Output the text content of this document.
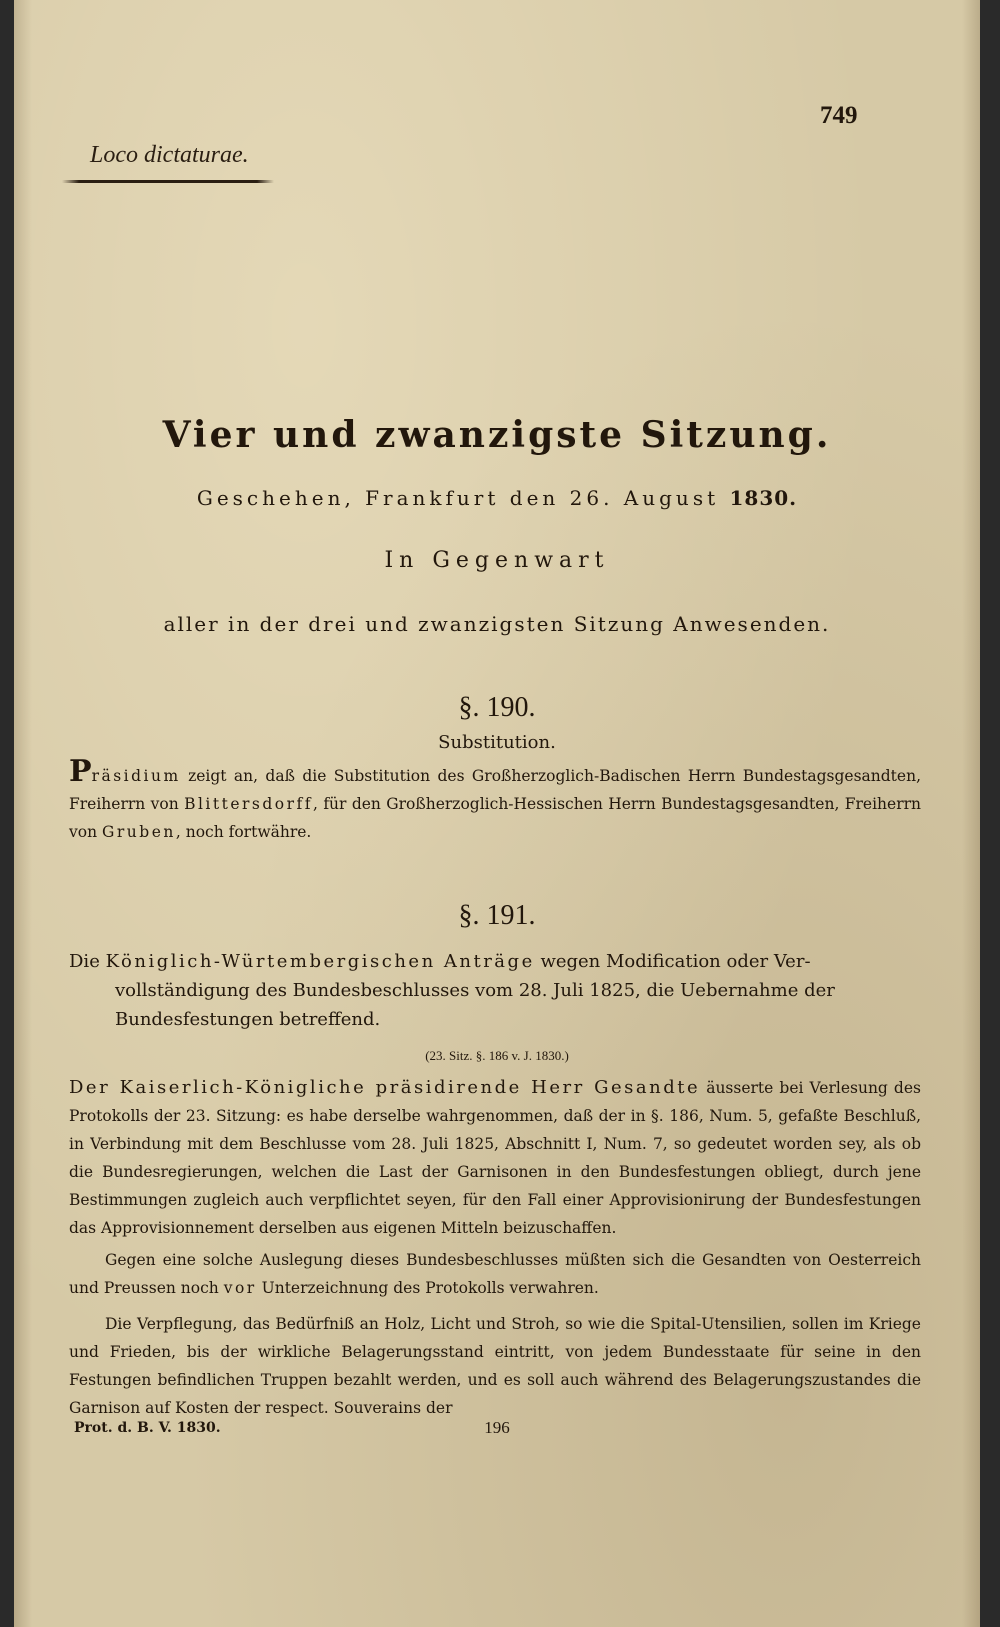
Loco dictaturae.
749
Vier und zwanzigste Sitzung.
Geschehen, Frankfurt den 26. August 1830.
In Gegenwart
aller in der drei und zwanzigsten Sitzung Anwesenden.
§. 190.
Substitution.
Präsidium zeigt an, daß die Substitution des Großherzoglich-Badischen Herrn Bundestagsgesandten, Freiherrn von Blittersdorff, für den Großherzoglich-Hessischen Herrn Bundestagsgesandten, Freiherrn von Gruben, noch fortwähre.
§. 191.
Die Königlich-Würtembergischen Anträge wegen Modification oder Ver-
vollständigung des Bundesbeschlusses vom 28. Juli 1825, die Uebernahme der Bundesfestungen betreffend.
(23. Sitz. §. 186 v. J. 1830.)
Der Kaiserlich-Königliche präsidirende Herr Gesandte äusserte bei Verlesung des Protokolls der 23. Sitzung: es habe derselbe wahrgenommen, daß der in §. 186, Num. 5, gefaßte Beschluß, in Verbindung mit dem Beschlusse vom 28. Juli 1825, Abschnitt I, Num. 7, so gedeutet worden sey, als ob die Bundesregierungen, welchen die Last der Garnisonen in den Bundesfestungen obliegt, durch jene Bestimmungen zugleich auch verpflichtet seyen, für den Fall einer Approvisionirung der Bundesfestungen das Approvisionnement derselben aus eigenen Mitteln beizuschaffen.
Gegen eine solche Auslegung dieses Bundesbeschlusses müßten sich die Gesandten von Oesterreich und Preussen noch vor Unterzeichnung des Protokolls verwahren.
Die Verpflegung, das Bedürfniß an Holz, Licht und Stroh, so wie die Spital-Utensilien, sollen im Kriege und Frieden, bis der wirkliche Belagerungsstand eintritt, von jedem Bundesstaate für seine in den Festungen befindlichen Truppen bezahlt werden, und es soll auch während des Belagerungszustandes die Garnison auf Kosten der respect. Souverains der
Prot. d. B. V. 1830.	196
